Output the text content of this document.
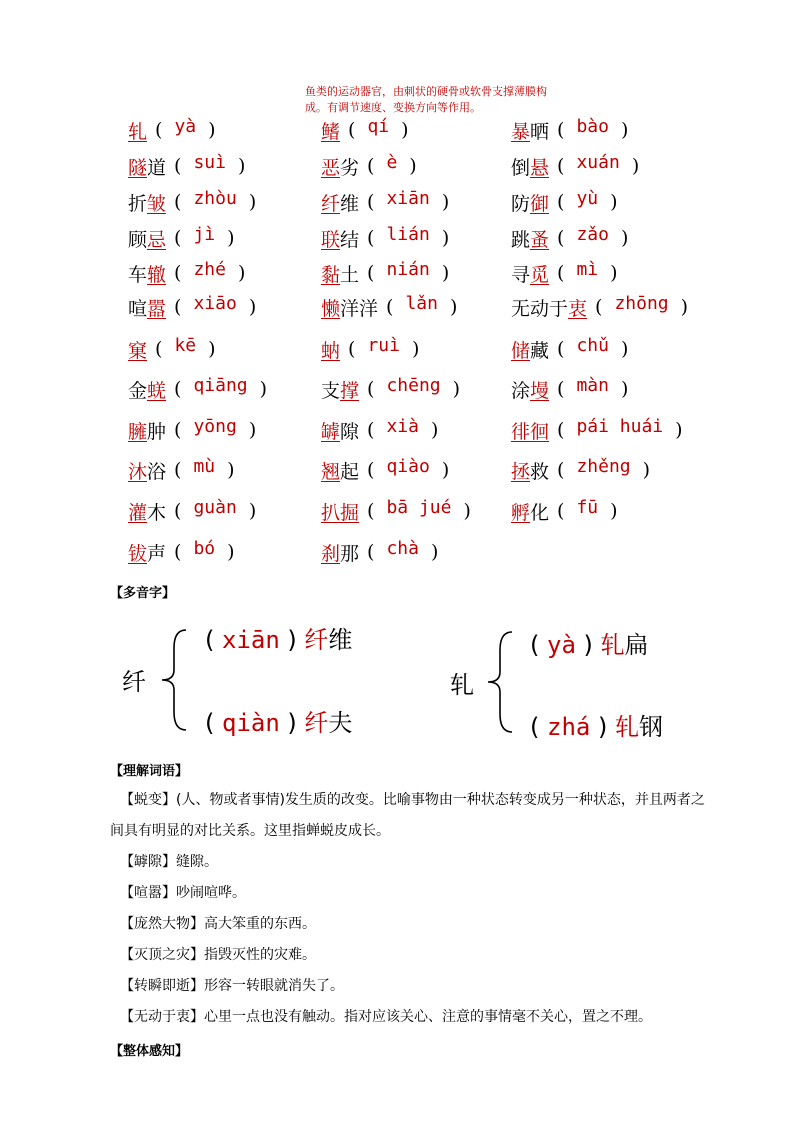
鱼类的运动器官，由刺状的硬骨或软骨支撑薄膜构成。有调节速度、变换方向等作用。
轧 ( yà )	鳍 ( qí )	暴晒 ( bào )
隧道 ( suì )	恶劣 ( è )	倒悬 ( xuán )
折皱 ( zhòu )	纤维 ( xiān )	防御 ( yù )
顾忌 ( jì )	联结 ( lián )	跳蚤 ( zǎo )
车辙 ( zhé )	黏土 ( nián )	寻觅 ( mì )
喧嚣 ( xiāo )	懒洋洋 ( lǎn )	无动于衷 ( zhōng )
窠 ( kē )	蚋 ( ruì )	储藏 ( chǔ )
金蜣 ( qiāng )	支撑 ( chēng )	涂墁 ( màn )
臃肿 ( yōng )	罅隙 ( xià )	徘徊 ( pái huái )
沐浴 ( mù )	翘起 ( qiào )	拯救 ( zhěng )
灌木 ( guàn )	扒掘 ( bā jué ) 孵化 ( fū )
钹声 ( bó )	刹那 ( chà )
【多音字】
纤
( xiān ) 纤维
( qiàn ) 纤夫
轧
( yà ) 轧扁
( zhá ) 轧钢
【理解词语】
【蜕变】(人、物或者事情)发生质的改变。比喻事物由一种状态转变成另一种状态，并且两者之间具有明显的对比关系。这里指蝉蜕皮成长。
【罅隙】缝隙。
【喧嚣】吵闹喧哗。
【庞然大物】高大笨重的东西。
【灭顶之灾】指毁灭性的灾难。
【转瞬即逝】形容一转眼就消失了。
【无动于衷】心里一点也没有触动。指对应该关心、注意的事情毫不关心，置之不理。
【整体感知】
